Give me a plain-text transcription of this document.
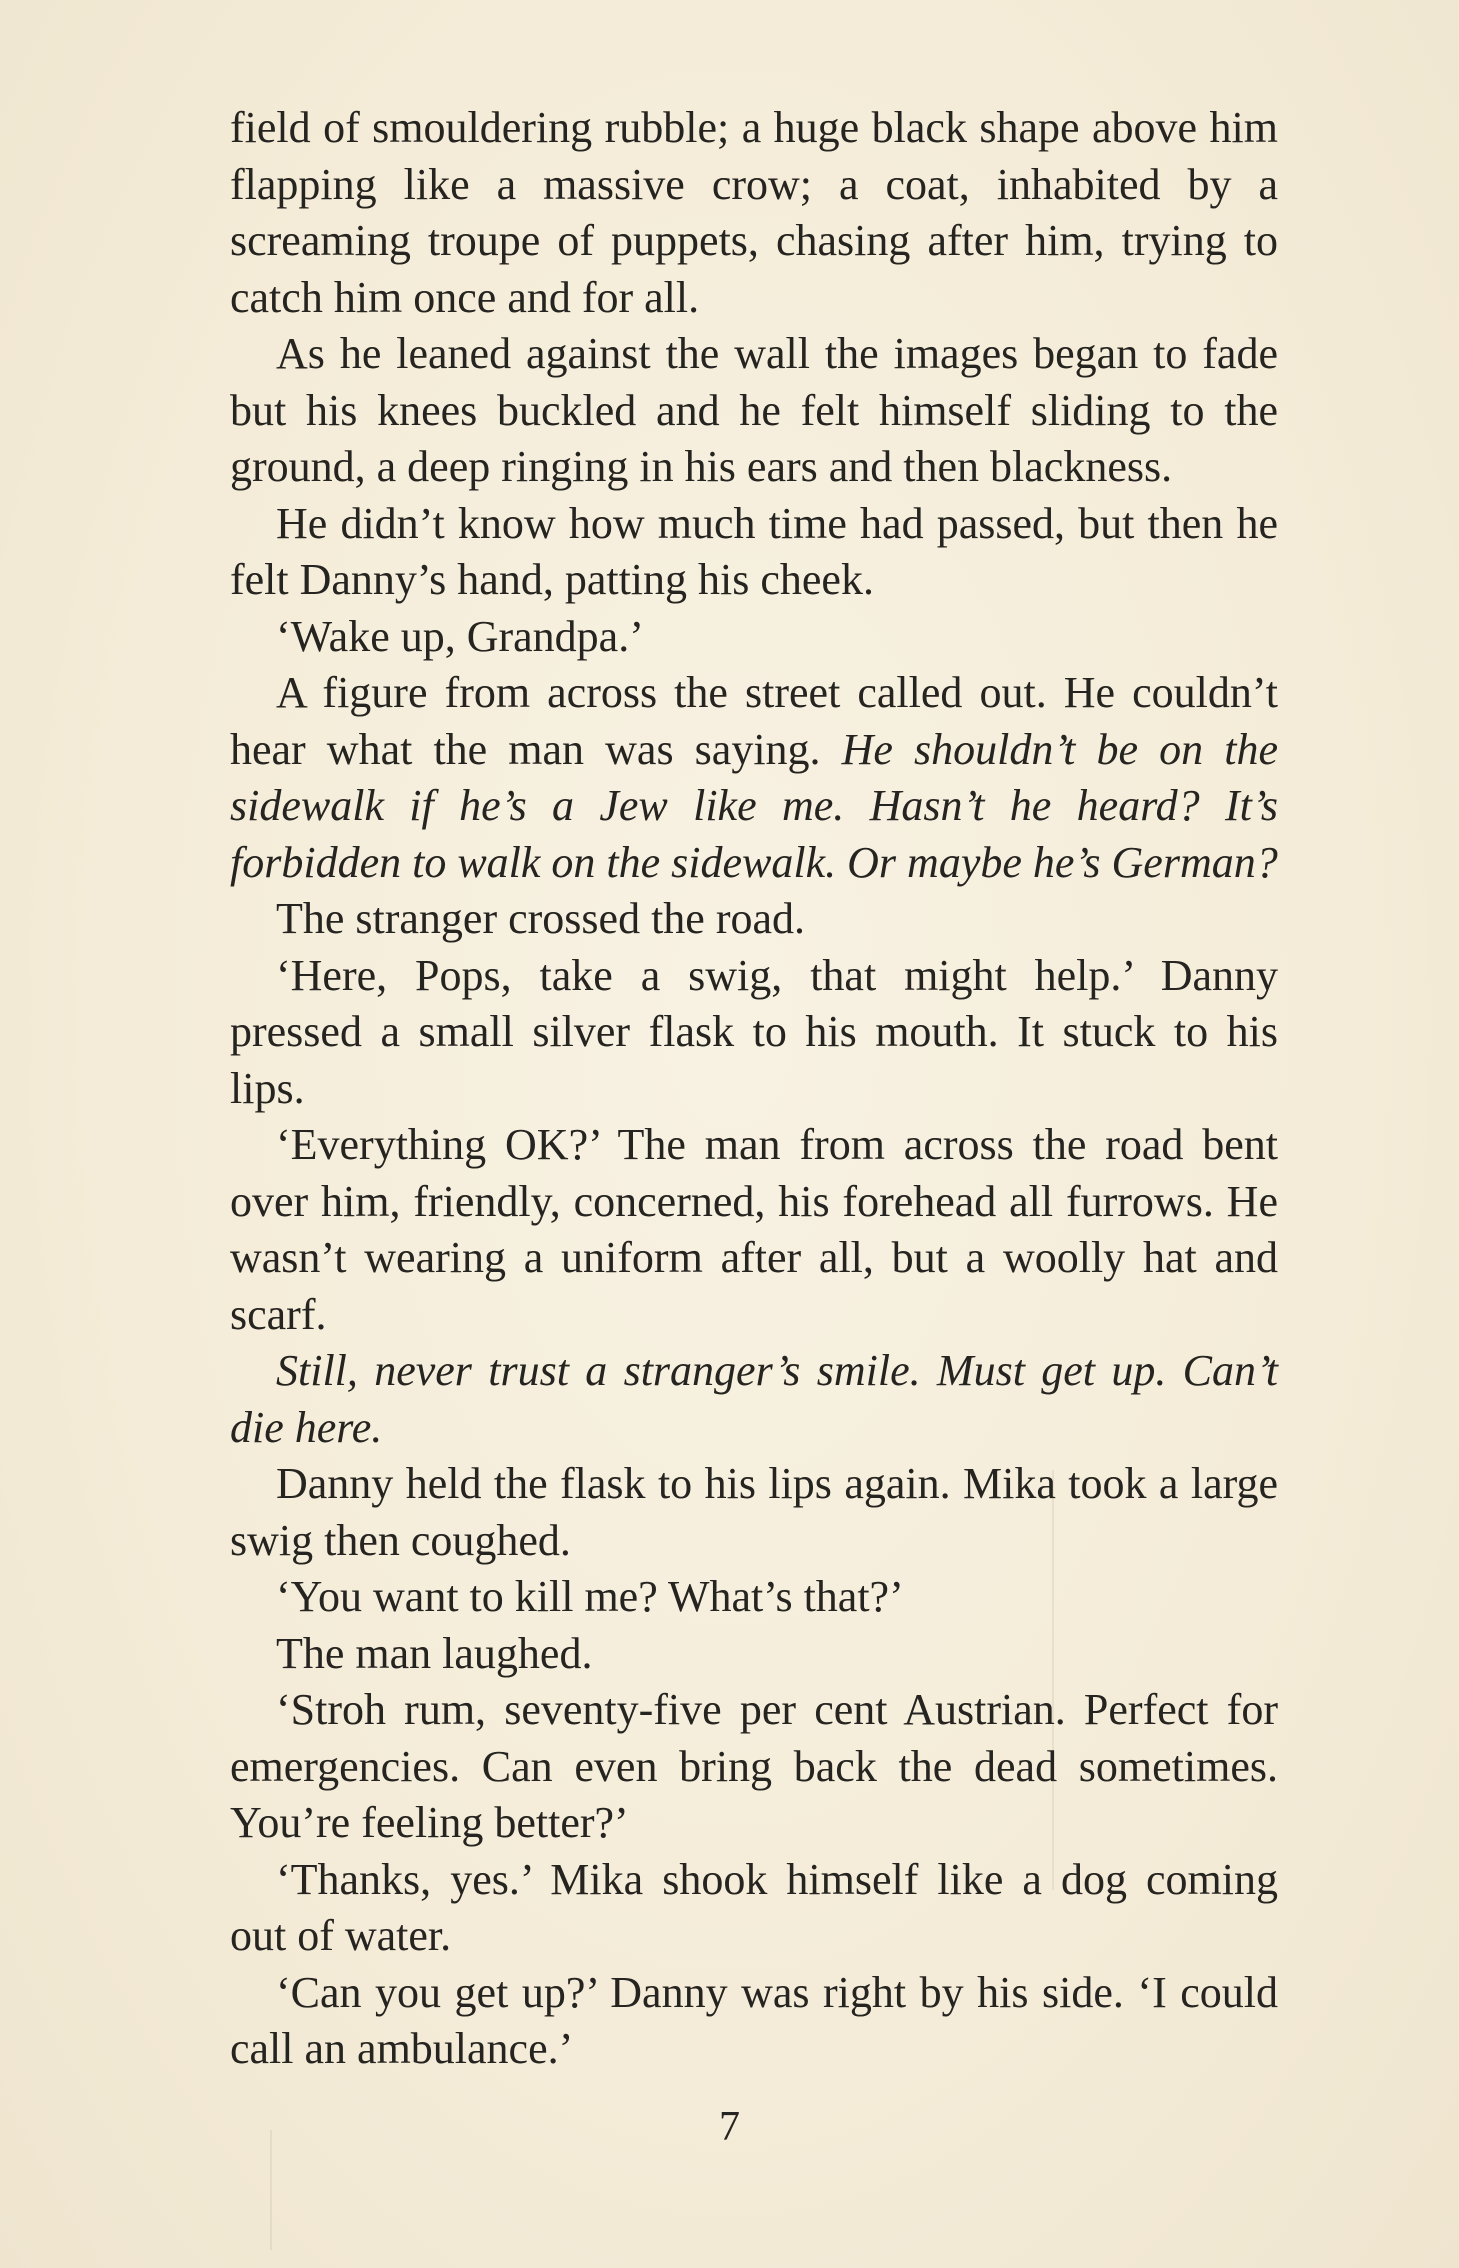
field of smouldering rubble; a huge black shape above him flapping like a massive crow; a coat, inhabited by a screaming troupe of puppets, chasing after him, trying to catch him once and for all.

As he leaned against the wall the images began to fade but his knees buckled and he felt himself sliding to the ground, a deep ringing in his ears and then blackness.

He didn’t know how much time had passed, but then he felt Danny’s hand, patting his cheek.

‘Wake up, Grandpa.’

A figure from across the street called out. He couldn’t hear what the man was saying. He shouldn’t be on the sidewalk if he’s a Jew like me. Hasn’t he heard? It’s forbidden to walk on the sidewalk. Or maybe he’s German?

The stranger crossed the road.

‘Here, Pops, take a swig, that might help.’ Danny pressed a small silver flask to his mouth. It stuck to his lips.

‘Everything OK?’ The man from across the road bent over him, friendly, concerned, his forehead all furrows. He wasn’t wearing a uniform after all, but a woolly hat and scarf.

Still, never trust a stranger’s smile. Must get up. Can’t die here.

Danny held the flask to his lips again. Mika took a large swig then coughed.

‘You want to kill me? What’s that?’

The man laughed.

‘Stroh rum, seventy-five per cent Austrian. Perfect for emergencies. Can even bring back the dead sometimes. You’re feeling better?’

‘Thanks, yes.’ Mika shook himself like a dog coming out of water.

‘Can you get up?’ Danny was right by his side. ‘I could call an ambulance.’

7
